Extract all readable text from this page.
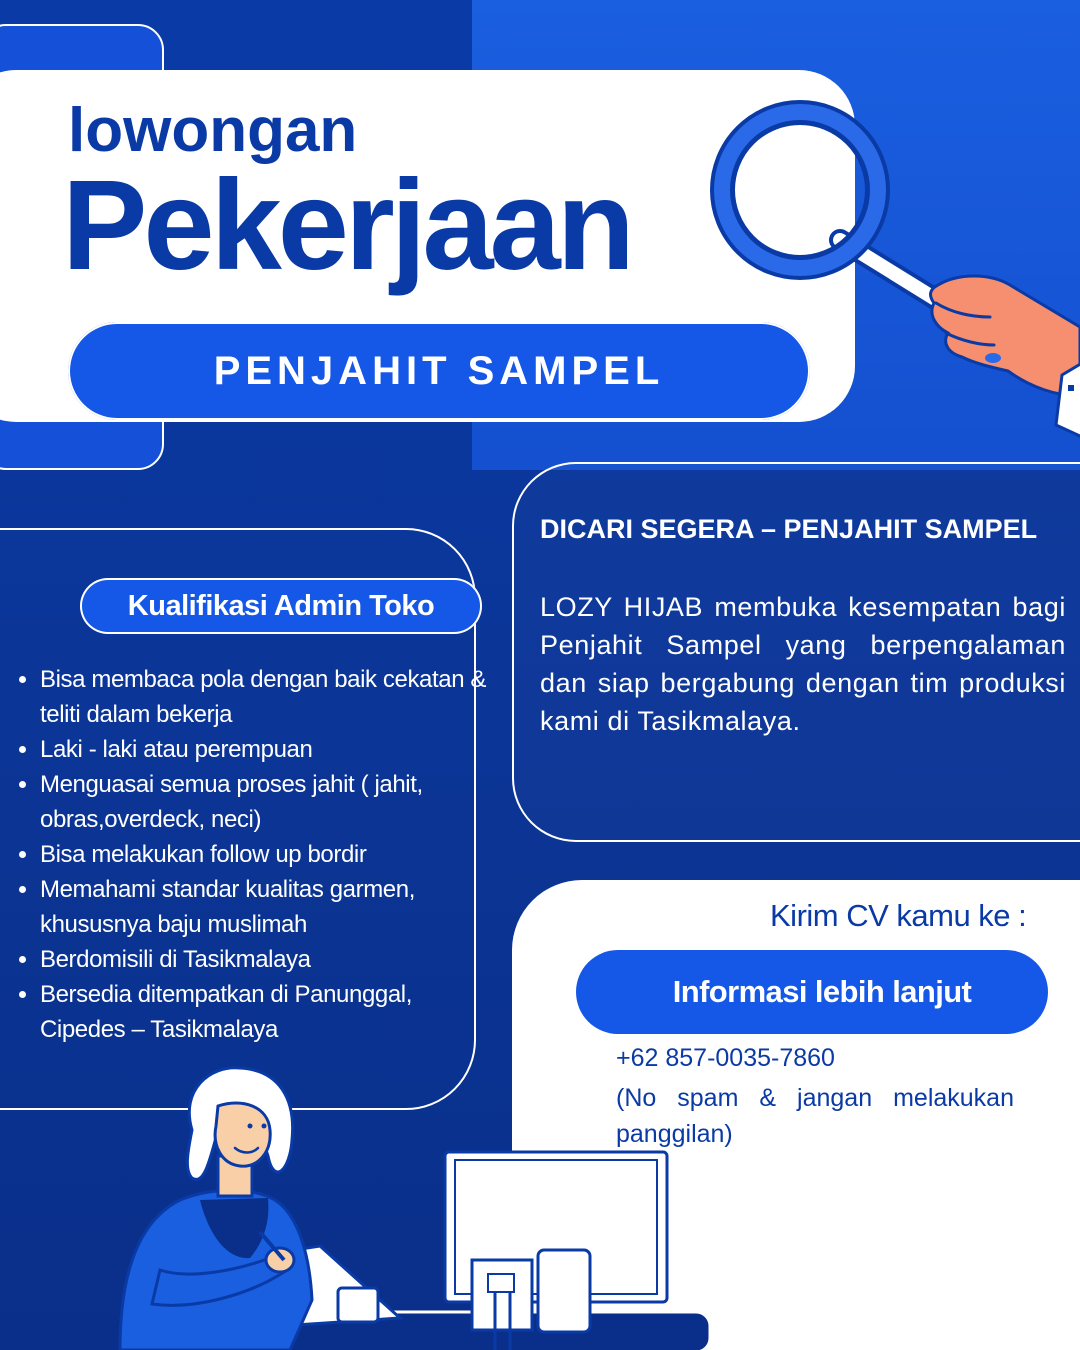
lowongan
Pekerjaan
PENJAHIT SAMPEL
DICARI SEGERA – PENJAHIT SAMPEL
LOZY HIJAB membuka kesempatan bagi Penjahit Sampel yang berpengalaman dan siap bergabung dengan tim produksi kami di Tasikmalaya.
Kualifikasi Admin Toko
• Bisa membaca pola dengan baik cekatan & teliti dalam bekerja
• Laki - laki atau perempuan
• Menguasai semua proses jahit ( jahit, obras,overdeck, neci)
• Bisa melakukan follow up bordir
• Memahami standar kualitas garmen, khususnya baju muslimah
• Berdomisili di Tasikmalaya
• Bersedia ditempatkan di Panunggal, Cipedes – Tasikmalaya
Kirim CV kamu ke :
Informasi lebih lanjut
+62 857-0035-7860
(No spam & jangan melakukan panggilan)
